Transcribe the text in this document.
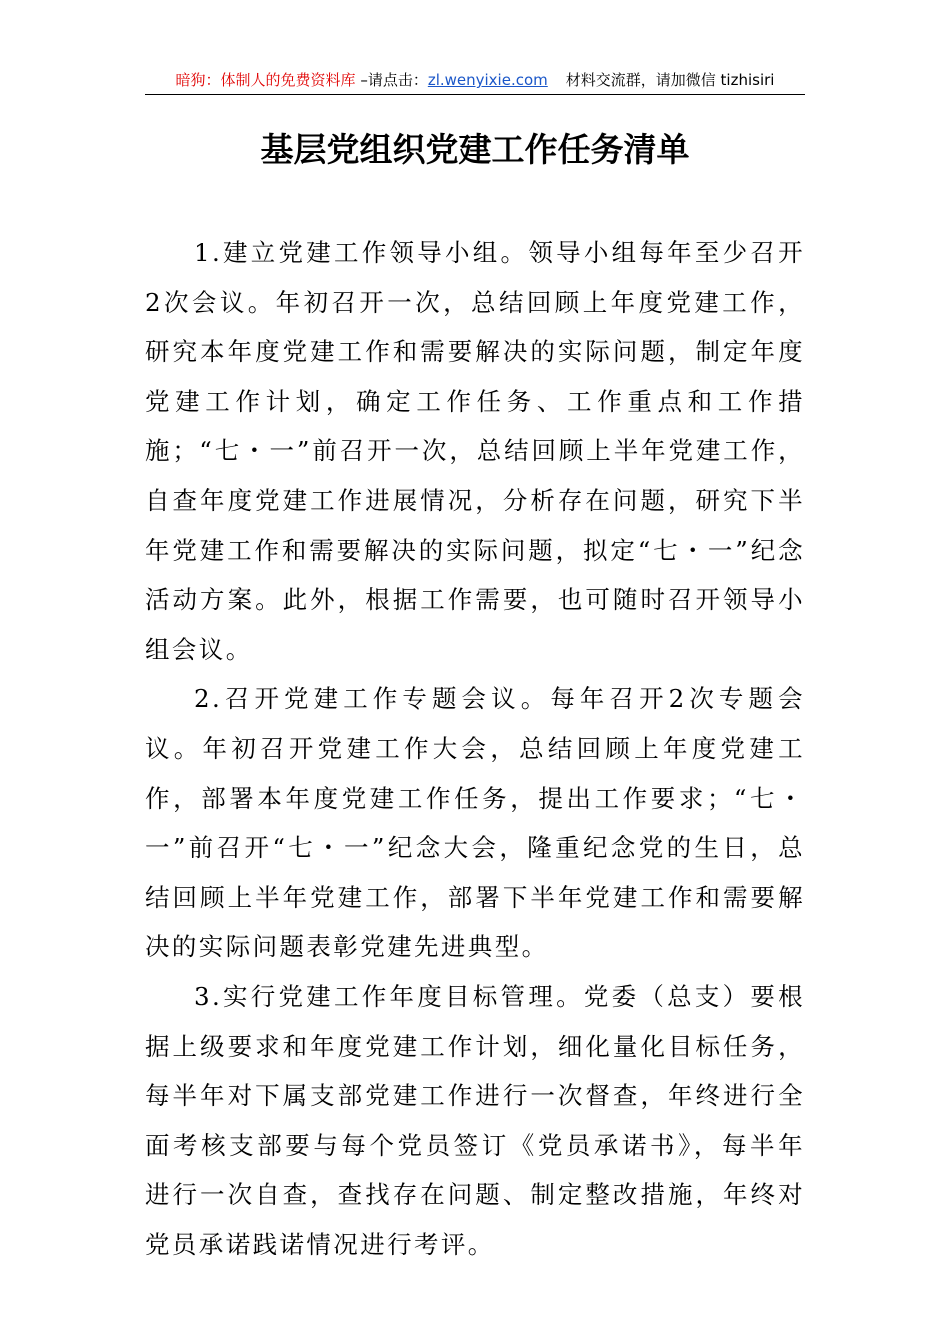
暗狗：体制人的免费资料库 –请点击：zl.wenyixie.com 材料交流群，请加微信 tizhisiri
基层党组织党建工作任务清单

1.建立党建工作领导小组。领导小组每年至少召开2次会议。年初召开一次，总结回顾上年度党建工作，研究本年度党建工作和需要解决的实际问题，制定年度党建工作计划，确定工作任务、工作重点和工作措施；“七・一”前召开一次，总结回顾上半年党建工作，自查年度党建工作进展情况，分析存在问题，研究下半年党建工作和需要解决的实际问题，拟定“七・一”纪念活动方案。此外，根据工作需要，也可随时召开领导小组会议。

2.召开党建工作专题会议。每年召开2次专题会议。年初召开党建工作大会，总结回顾上年度党建工作，部署本年度党建工作任务，提出工作要求；“七・一”前召开“七・一”纪念大会，隆重纪念党的生日，总结回顾上半年党建工作，部署下半年党建工作和需要解决的实际问题表彰党建先进典型。

3.实行党建工作年度目标管理。党委（总支）要根据上级要求和年度党建工作计划，细化量化目标任务，每半年对下属支部党建工作进行一次督查，年终进行全面考核支部要与每个党员签订《党员承诺书》，每半年进行一次自查，查找存在问题、制定整改措施，年终对党员承诺践诺情况进行考评。
